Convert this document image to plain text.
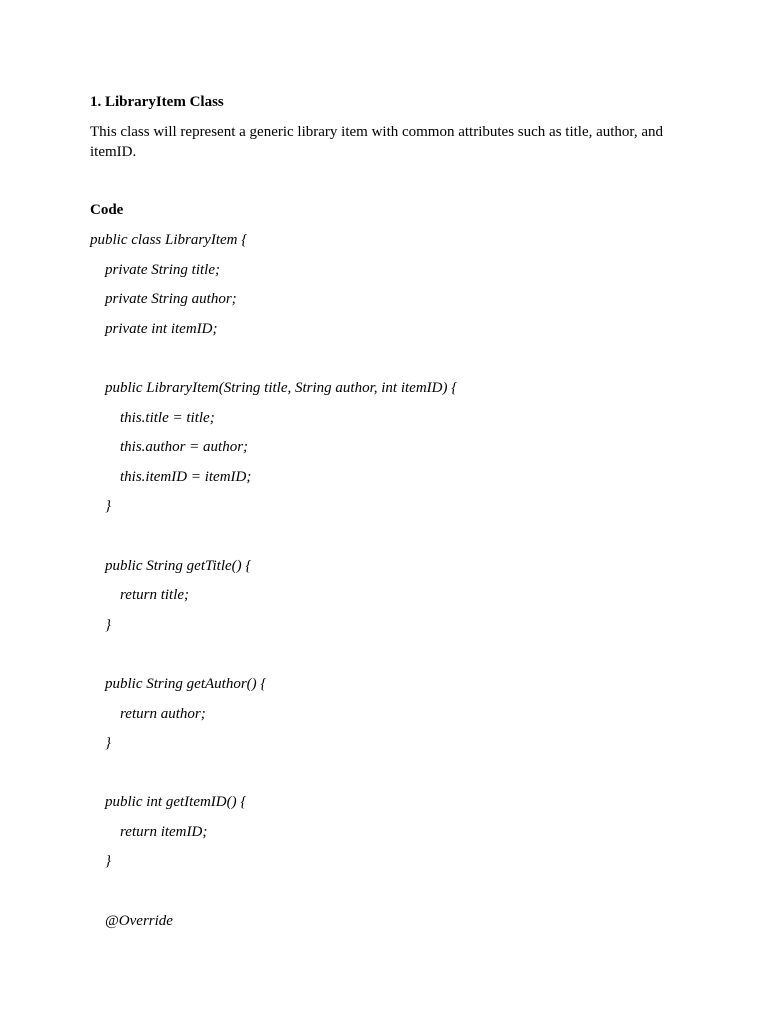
1. LibraryItem Class

This class will represent a generic library item with common attributes such as title, author, and itemID.

Code
public class LibraryItem {
private String title;
private String author;
private int itemID;
public LibraryItem(String title, String author, int itemID) {
this.title = title;
this.author = author;
this.itemID = itemID;
}
public String getTitle() {
return title;
}
public String getAuthor() {
return author;
}
public int getItemID() {
return itemID;
}
@Override
